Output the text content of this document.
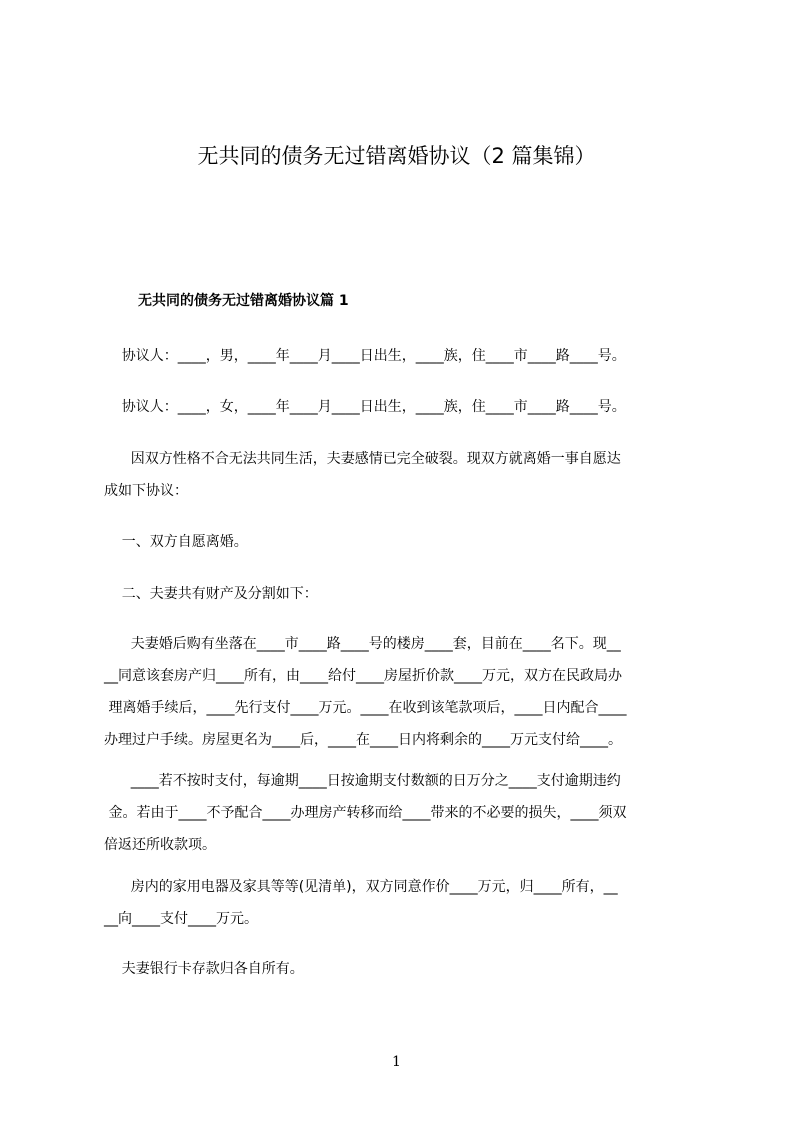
无共同的债务无过错离婚协议（2 篇集锦）
无共同的债务无过错离婚协议篇 1
协议人：____，男，____年____月____日出生，____族，住____市____路____号。
协议人：____，女，____年____月____日出生，____族，住____市____路____号。
因双方性格不合无法共同生活，夫妻感情已完全破裂。现双方就离婚一事自愿达
成如下协议：
一、双方自愿离婚。
二、夫妻共有财产及分割如下：
夫妻婚后购有坐落在____市____路____号的楼房____套，目前在____名下。现__
__同意该套房产归____所有，由____给付____房屋折价款____万元，双方在民政局办
理离婚手续后，____先行支付____万元。____在收到该笔款项后，____日内配合____
办理过户手续。房屋更名为____后，____在____日内将剩余的____万元支付给____。
____若不按时支付，每逾期____日按逾期支付数额的日万分之____支付逾期违约
金。若由于____不予配合____办理房产转移而给____带来的不必要的损失，____须双
倍返还所收款项。
房内的家用电器及家具等等(见清单)，双方同意作价____万元，归____所有，__
__向____支付____万元。
夫妻银行卡存款归各自所有。
1
